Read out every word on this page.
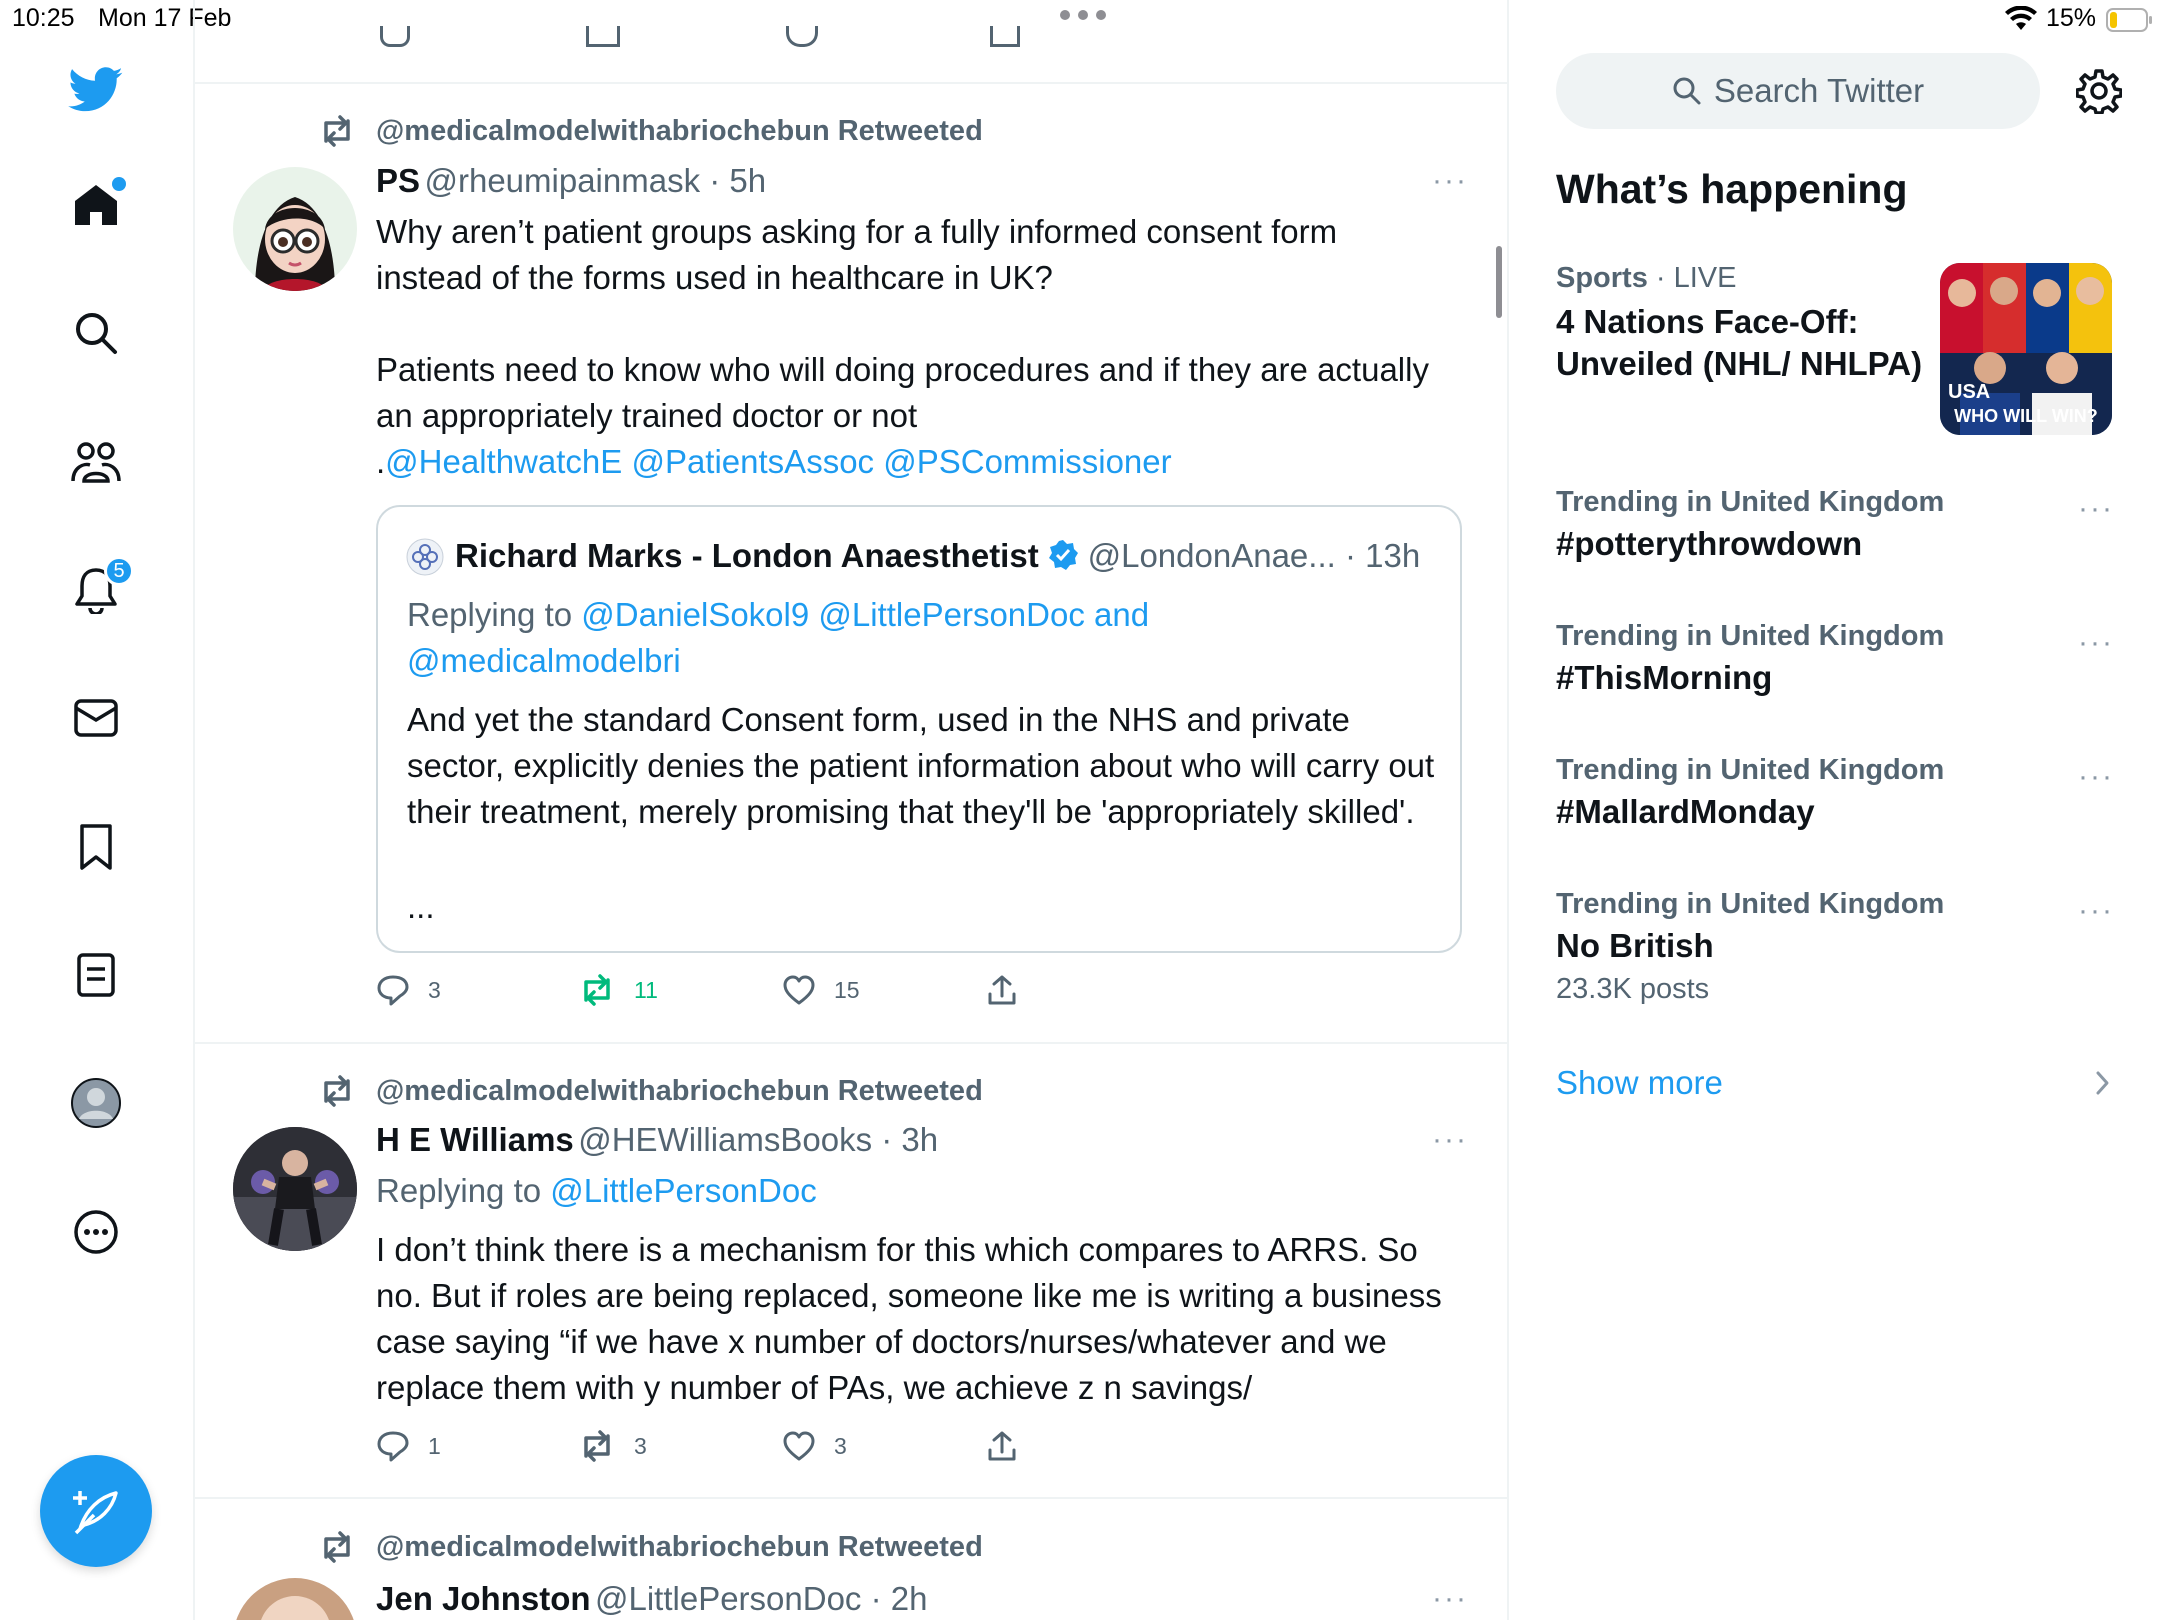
10:25 Mon 17 Feb	15%
5
@medicalmodelwithabriochebun Retweeted
PS @rheumipainmask · 5h	···
Why aren’t patient groups asking for a fully informed consent form instead of the forms used in healthcare in UK?

Patients need to know who will doing procedures and if they are actually an appropriately trained doctor or not
.@HealthwatchE @PatientsAssoc @PSCommissioner
Richard Marks - London Anaesthetist @LondonAnae... · 13h
Replying to @DanielSokol9 @LittlePersonDoc and
@medicalmodelbri
And yet the standard Consent form, used in the NHS and private sector, explicitly denies the patient information about who will carry out their treatment, merely promising that they'll be 'appropriately skilled'.
...
3	11	15
@medicalmodelwithabriochebun Retweeted
H E Williams @HEWilliamsBooks · 3h	···
Replying to @LittlePersonDoc
I don’t think there is a mechanism for this which compares to ARRS. So no. But if roles are being replaced, someone like me is writing a business case saying “if we have x number of doctors/nurses/whatever and we replace them with y number of PAs, we achieve z n savings/
1	3	3
@medicalmodelwithabriochebun Retweeted
Jen Johnston @LittlePersonDoc · 2h	···
Search Twitter
What’s happening
Sports · LIVE
4 Nations Face-Off: Unveiled (NHL/ NHLPA)
USA
WHO WILL WIN?
Trending in United Kingdom
#potterythrowdown
···
Trending in United Kingdom
#ThisMorning
···
Trending in United Kingdom
#MallardMonday
···
Trending in United Kingdom
No British
23.3K posts
···
Show more
